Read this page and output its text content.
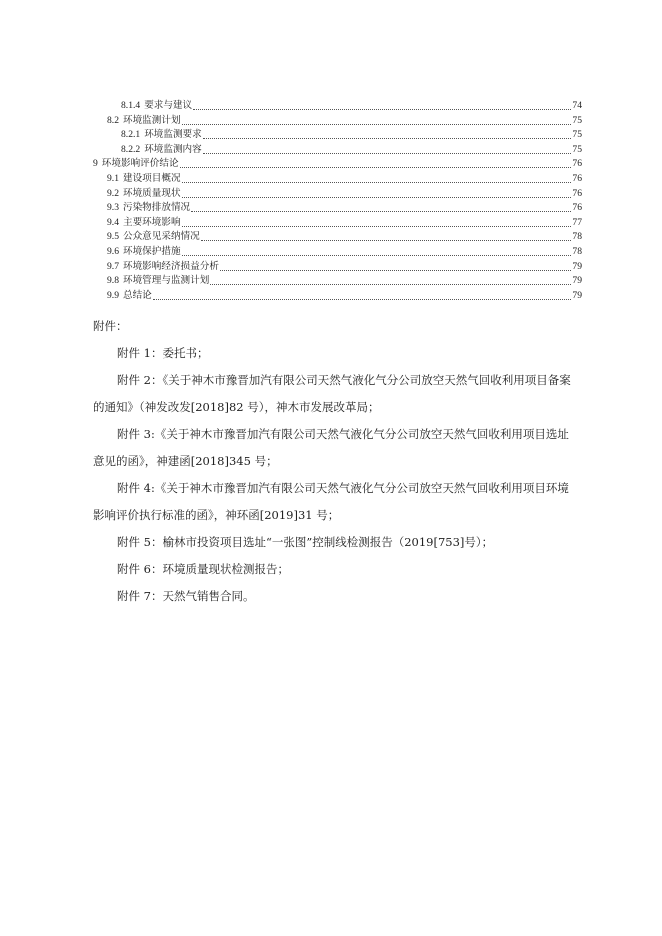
8.1.4 要求与建议	74
8.2 环境监测计划	75
8.2.1 环境监测要求	75
8.2.2 环境监测内容	75
9 环境影响评价结论	76
9.1 建设项目概况	76
9.2 环境质量现状	76
9.3 污染物排放情况	76
9.4 主要环境影响	77
9.5 公众意见采纳情况	78
9.6 环境保护措施	78
9.7 环境影响经济损益分析	79
9.8 环境管理与监测计划	79
9.9 总结论	79
附件：
附件 1：委托书；
附件 2：《关于神木市豫晋加汽有限公司天然气液化气分公司放空天然气回收利用项目备案的通知》（神发改发[2018]82 号），神木市发展改革局；
附件 3:《关于神木市豫晋加汽有限公司天然气液化气分公司放空天然气回收利用项目选址意见的函》，神建函[2018]345 号；
附件 4:《关于神木市豫晋加汽有限公司天然气液化气分公司放空天然气回收利用项目环境影响评价执行标准的函》，神环函[2019]31 号；
附件 5：榆林市投资项目选址“一张图”控制线检测报告（2019[753]号）；
附件 6：环境质量现状检测报告；
附件 7：天然气销售合同。
